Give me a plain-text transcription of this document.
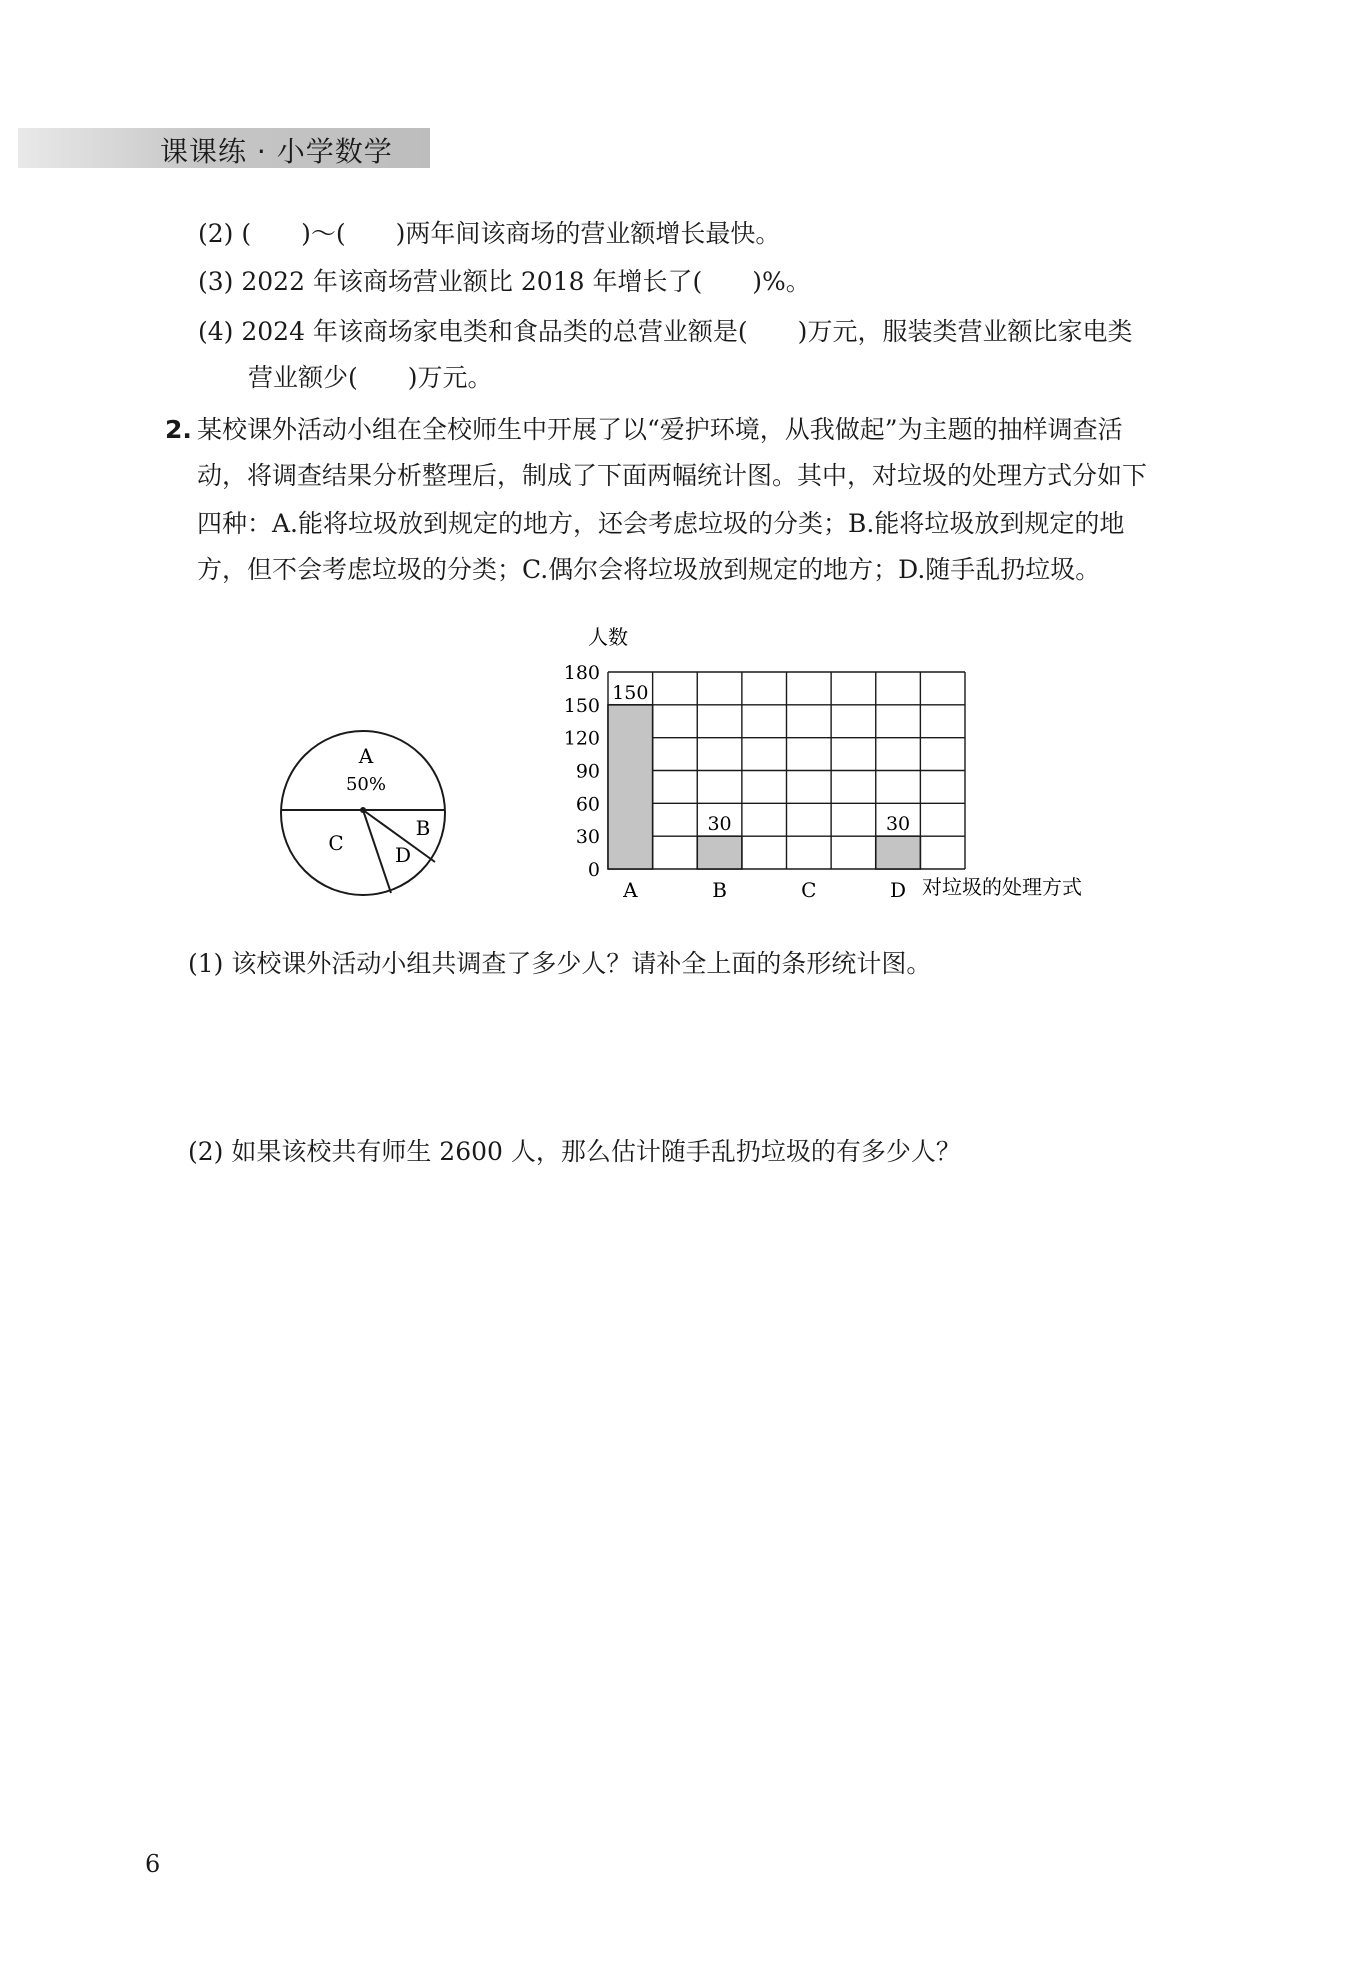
课课练 · 小学数学
(2) (　　)～(　　)两年间该商场的营业额增长最快。
(3) 2022 年该商场营业额比 2018 年增长了(　　)%。
(4) 2024 年该商场家电类和食品类的总营业额是(　　)万元，服装类营业额比家电类
营业额少(　　)万元。
2. 某校课外活动小组在全校师生中开展了以“爱护环境，从我做起”为主题的抽样调查活
动，将调查结果分析整理后，制成了下面两幅统计图。其中，对垃圾的处理方式分如下
四种：A.能将垃圾放到规定的地方，还会考虑垃圾的分类；B.能将垃圾放到规定的地
方，但不会考虑垃圾的分类；C.偶尔会将垃圾放到规定的地方；D.随手乱扔垃圾。
A
50%
B
C	D
0
30
60
90
120
150
180
150
A
30
B	C
30
D
人数
对垃圾的处理方式
(1) 该校课外活动小组共调查了多少人？请补全上面的条形统计图。
(2) 如果该校共有师生 2600 人，那么估计随手乱扔垃圾的有多少人？
6
